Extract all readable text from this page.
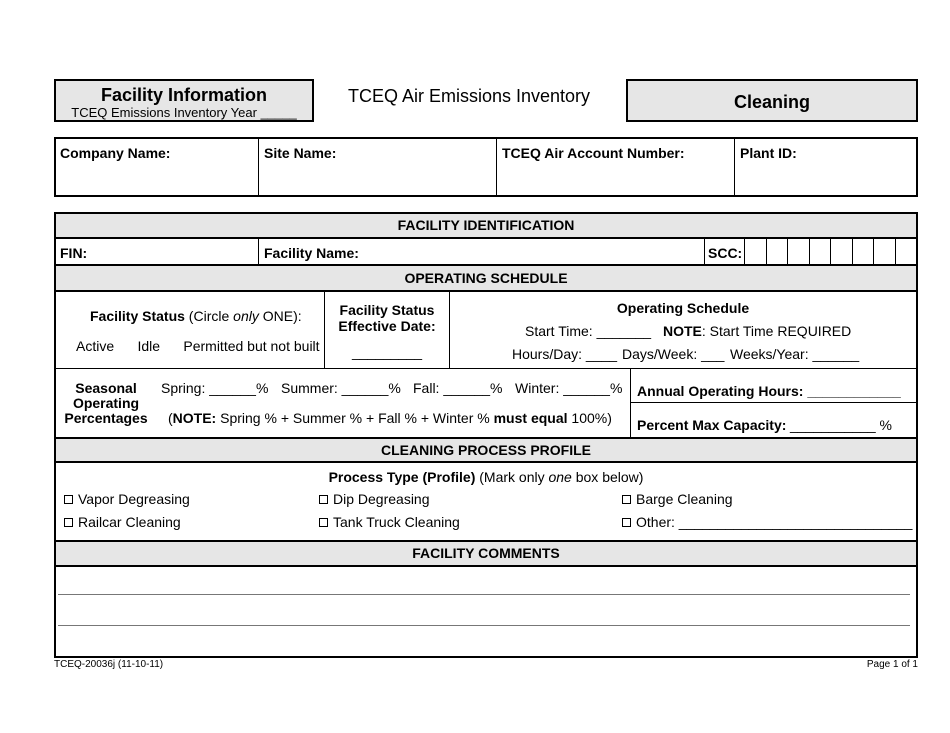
Facility Information
TCEQ Emissions Inventory Year _____
TCEQ Air Emissions Inventory	Cleaning
Company Name:	Site Name:	TCEQ Air Account Number:	Plant ID:
FACILITY IDENTIFICATION
FIN:	Facility Name:	SCC:
OPERATING SCHEDULE
Facility Status (Circle only ONE):
Active      Idle      Permitted but not built
Facility Status
Effective Date:
_________
Operating Schedule
Start Time: _______ NOTE: Start Time REQUIRED
Hours/Day: ____ Days/Week: ___ Weeks/Year: ______
Seasonal
Operating
Percentages
Spring: ______% Summer: ______% Fall: ______% Winter: ______%
(NOTE: Spring % + Summer % + Fall % + Winter % must equal 100%)
Annual Operating Hours: ____________
Percent Max Capacity: ___________ %
CLEANING PROCESS PROFILE
Process Type (Profile) (Mark only one box below)
Vapor Degreasing	Dip Degreasing	Barge Cleaning
Railcar Cleaning	Tank Truck Cleaning	Other: ______________________________
FACILITY COMMENTS
TCEQ-20036j (11-10-11)	Page 1 of 1
